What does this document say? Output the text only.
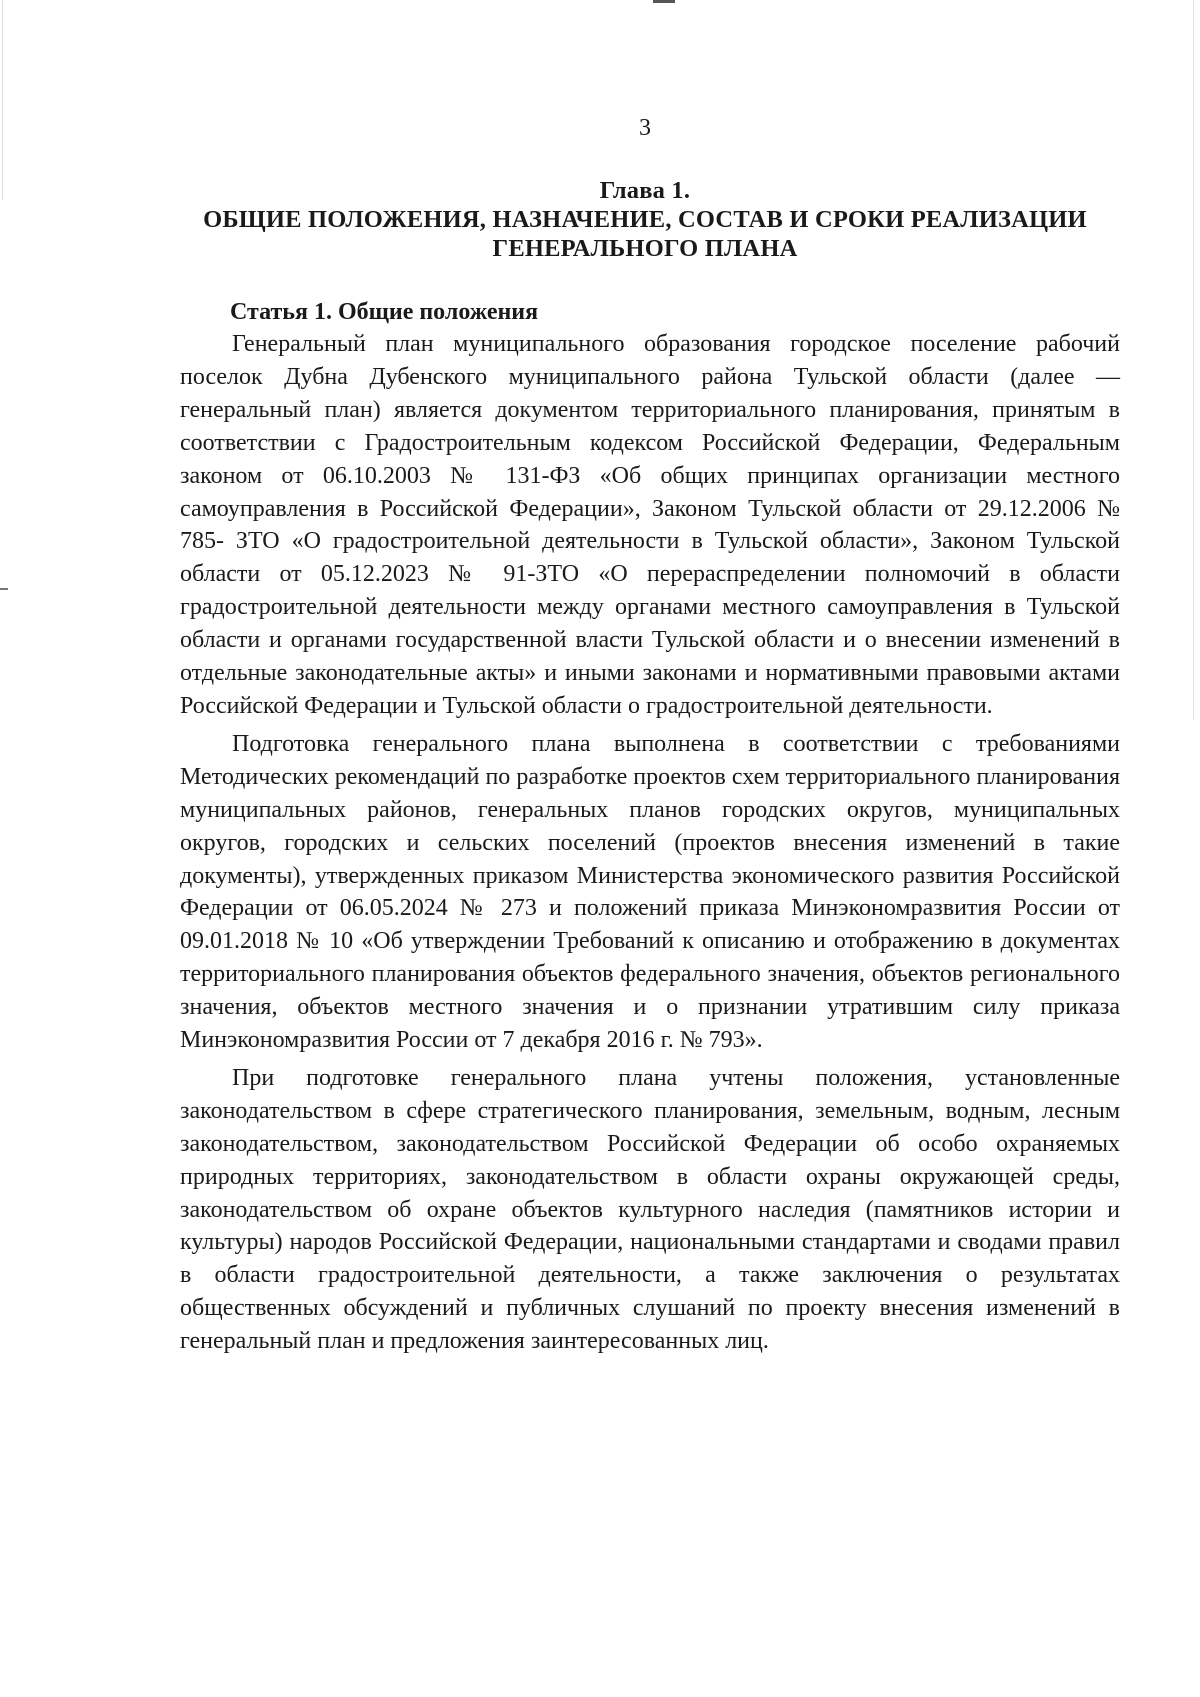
3
Глава 1.
ОБЩИЕ ПОЛОЖЕНИЯ, НАЗНАЧЕНИЕ, СОСТАВ И СРОКИ РЕАЛИЗАЦИИ
ГЕНЕРАЛЬНОГО ПЛАНА
Статья 1. Общие положения

Генеральный план муниципального образования городское поселение рабочий поселок Дубна Дубенского муниципального района Тульской области (далее — генеральный план) является документом территориального планирования, принятым в соответствии с Градостроительным кодексом Российской Федерации, Федеральным законом от 06.10.2003 № 131-ФЗ «Об общих принципах организации местного самоуправления в Российской Федерации», Законом Тульской области от 29.12.2006 № 785- ЗТО «О градостроительной деятельности в Тульской области», Законом Тульской области от 05.12.2023 № 91-ЗТО «О перераспределении полномочий в области градостроительной деятельности между органами местного самоуправления в Тульской области и органами государственной власти Тульской области и о внесении изменений в отдельные законодательные акты» и иными законами и нормативными правовыми актами Российской Федерации и Тульской области о градостроительной деятельности.

Подготовка генерального плана выполнена в соответствии с требованиями Методических рекомендаций по разработке проектов схем территориального планирования муниципальных районов, генеральных планов городских округов, муниципальных округов, городских и сельских поселений (проектов внесения изменений в такие документы), утвержденных приказом Министерства экономического развития Российской Федерации от 06.05.2024 № 273 и положений приказа Минэкономразвития России от 09.01.2018 № 10 «Об утверждении Требований к описанию и отображению в документах территориального планирования объектов федерального значения, объектов регионального значения, объектов местного значения и о признании утратившим силу приказа Минэкономразвития России от 7 декабря 2016 г. № 793».

При подготовке генерального плана учтены положения, установленные законодательством в сфере стратегического планирования, земельным, водным, лесным законодательством, законодательством Российской Федерации об особо охраняемых природных территориях, законодательством в области охраны окружающей среды, законодательством об охране объектов культурного наследия (памятников истории и культуры) народов Российской Федерации, национальными стандартами и сводами правил в области градостроительной деятельности, а также заключения о результатах общественных обсуждений и публичных слушаний по проекту внесения изменений в генеральный план и предложения заинтересованных лиц.
